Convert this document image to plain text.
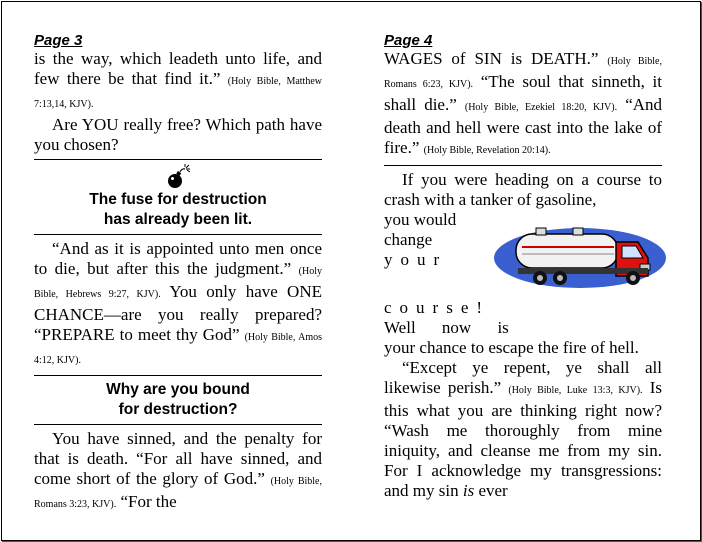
Page 3

is the way, which leadeth unto life, and few there be that find it.” (Holy Bible, Matthew 7:13,14, KJV).

Are YOU really free? Which path have you chosen?

The fuse for destruction
has already been lit.

“And as it is appointed unto men once to die, but after this the judgment.” (Holy Bible, Hebrews 9:27, KJV). You only have ONE CHANCE—are you really prepared? “PREPARE to meet thy God” (Holy Bible, Amos 4:12, KJV).

Why are you bound
for destruction?

You have sinned, and the penalty for that is death. “For all have sinned, and come short of the glory of God.” (Holy Bible, Romans 3:23, KJV). “For the

Page 4

WAGES of SIN is DEATH.” (Holy Bible, Romans 6:23, KJV). “The soul that sinneth, it shall die.” (Holy Bible, Ezekiel 18:20, KJV). “And death and hell were cast into the lake of fire.” (Holy Bible, Revelation 20:14).

If you were heading on a course to crash with a tanker of gasoline,

you would
change
your
course!
Well now is

your chance to escape the fire of hell.

“Except ye repent, ye shall all likewise perish.” (Holy Bible, Luke 13:3, KJV). Is this what you are thinking right now? “Wash me thoroughly from mine iniquity, and cleanse me from my sin. For I acknowledge my transgressions: and my sin is ever
